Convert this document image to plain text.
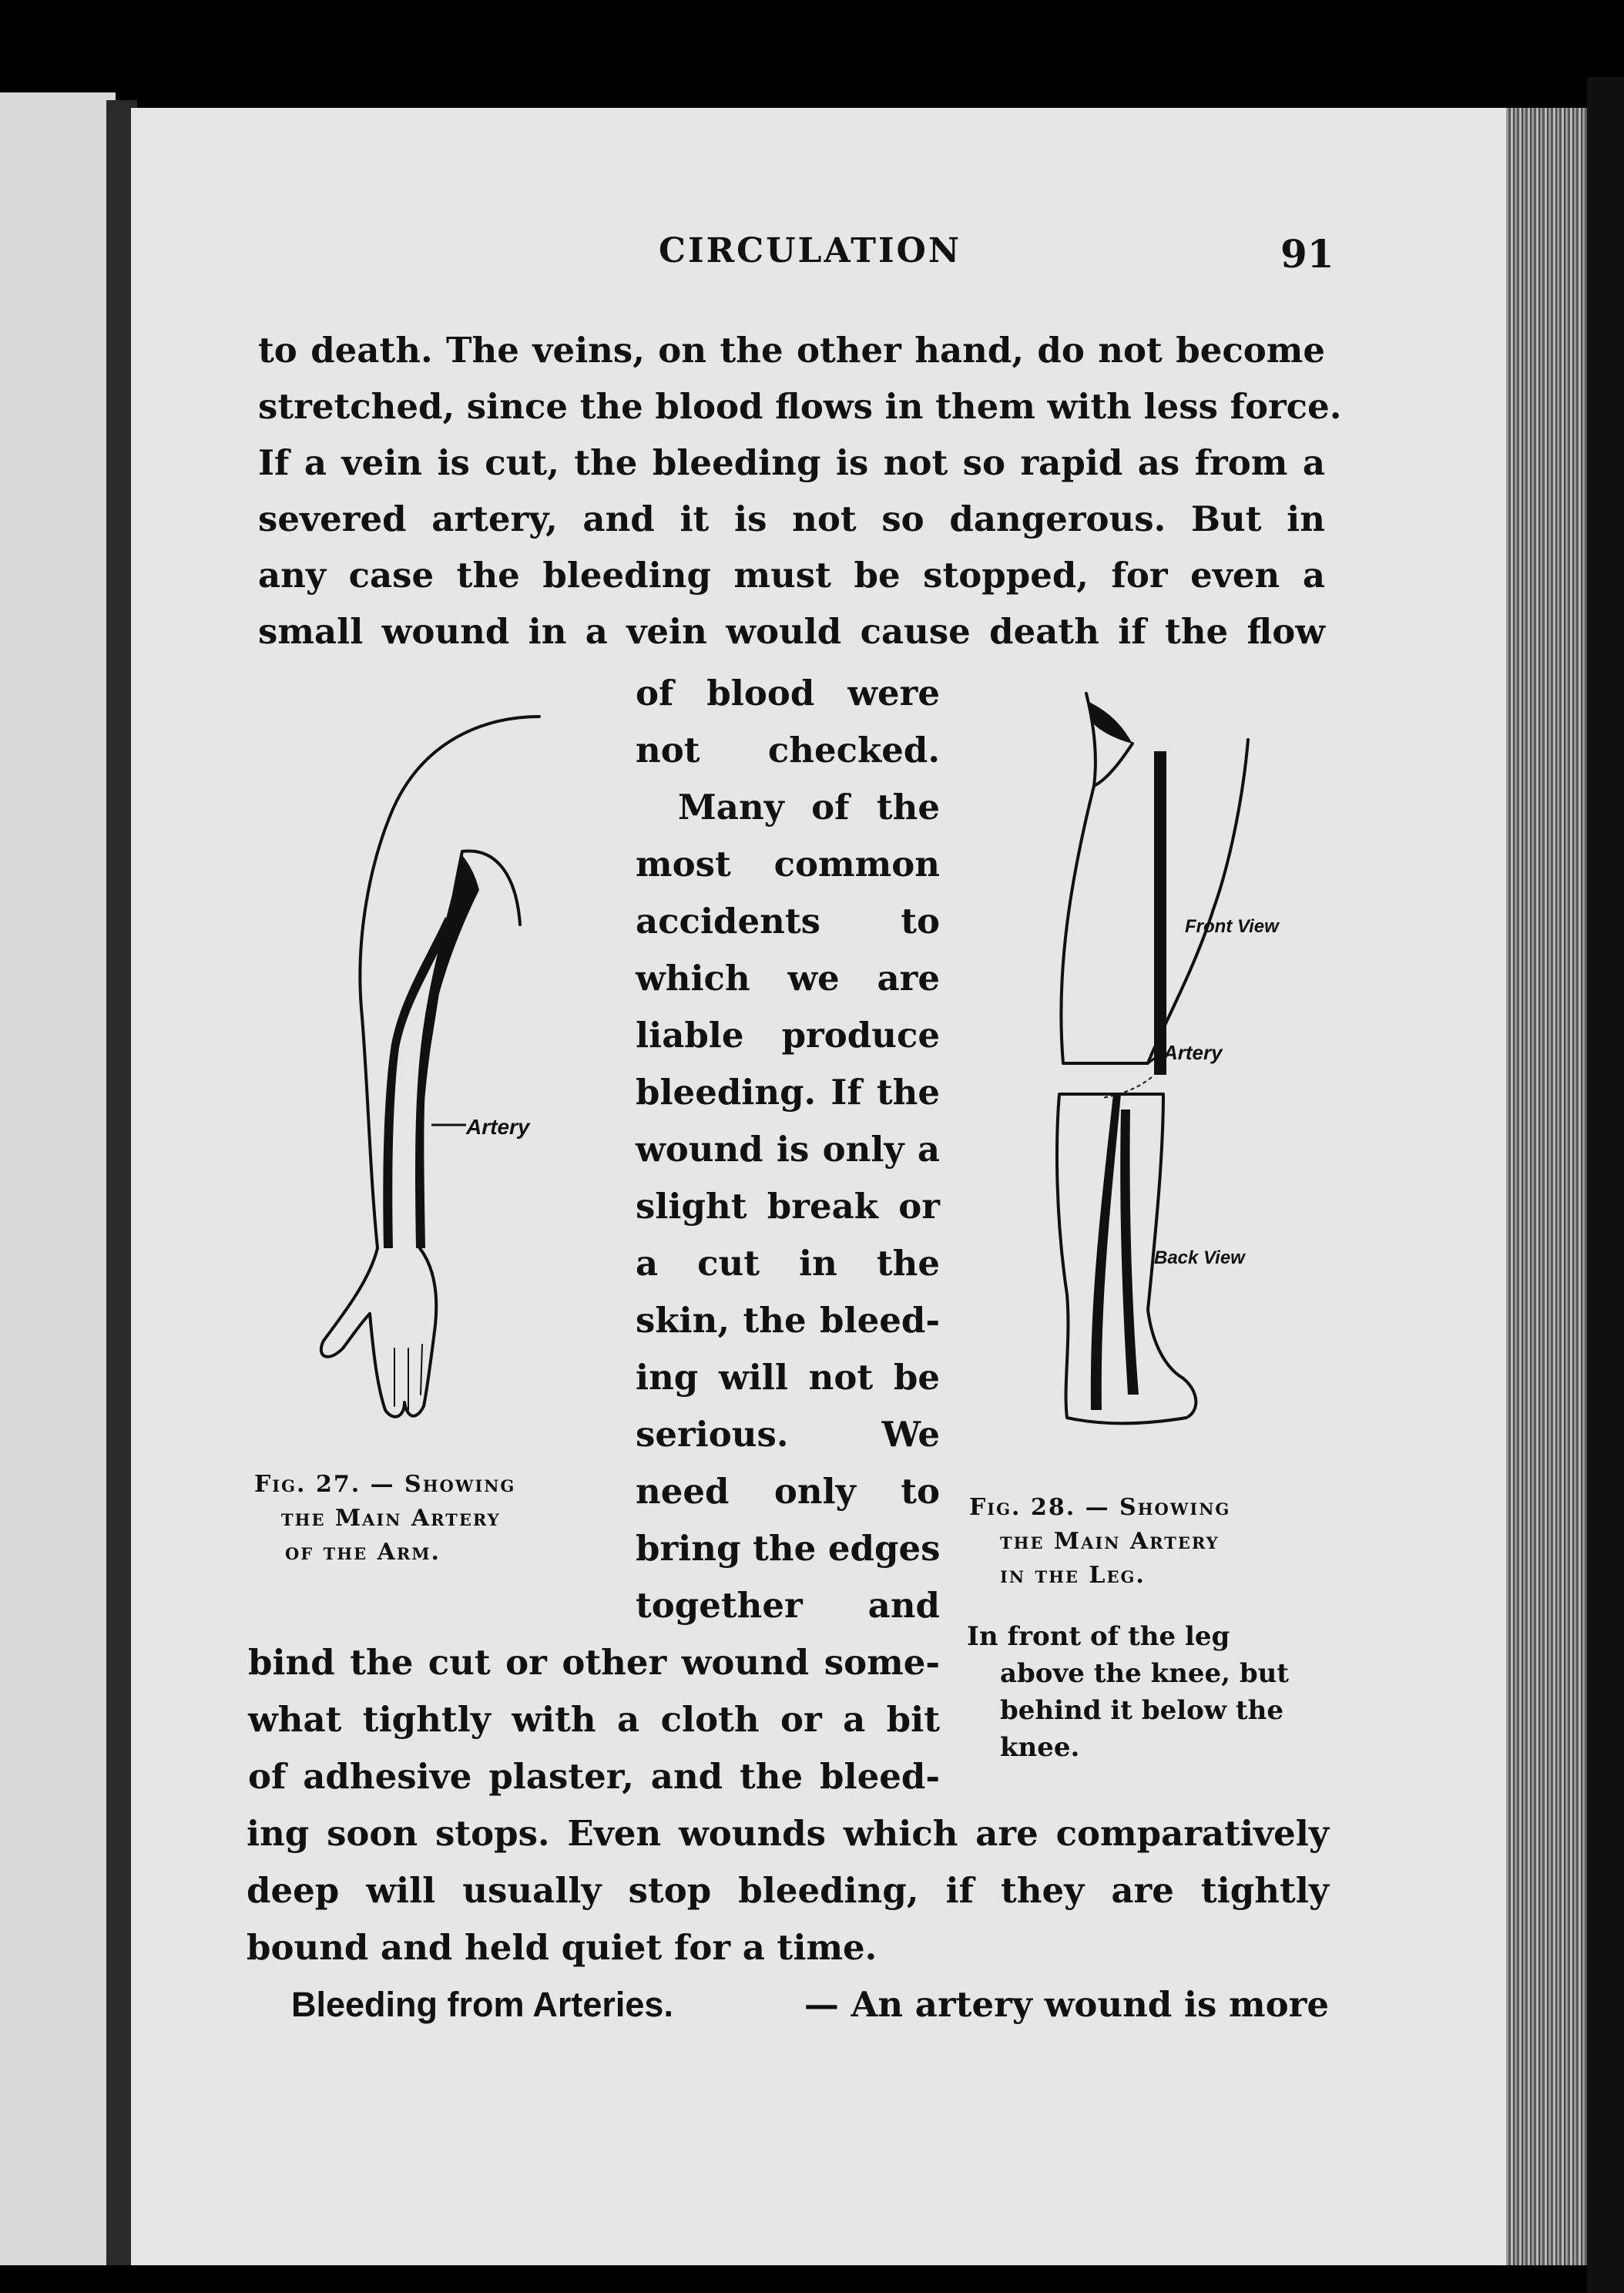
CIRCULATION	91
to death. The veins, on the other hand, do not become
stretched, since the blood flows in them with less force.
If a vein is cut, the bleeding is not so rapid as from a
severed artery, and it is not so dangerous. But in
any case the bleeding must be stopped, for even a
small wound in a vein would cause death if the flow
of blood were
not checked.
Many of the
most common
accidents to
which we are
liable produce
bleeding. If the
wound is only a
slight break or
a cut in the
skin, the bleed-
ing will not be
serious. We
need only to
bring the edges
together and
bind the cut or other wound some-
what tightly with a cloth or a bit
of adhesive plaster, and the bleed-
ing soon stops. Even wounds which are comparatively
deep will usually stop bleeding, if they are tightly
bound and held quiet for a time.
Bleeding from Arteries.	— An artery wound is more
Artery
Fig. 27. — Showing
the Main Artery
of the Arm.
Front View
Artery
Back View
Fig. 28. — Showing
the Main Artery
in the Leg.
In front of the leg
above the knee, but
behind it below the
knee.
